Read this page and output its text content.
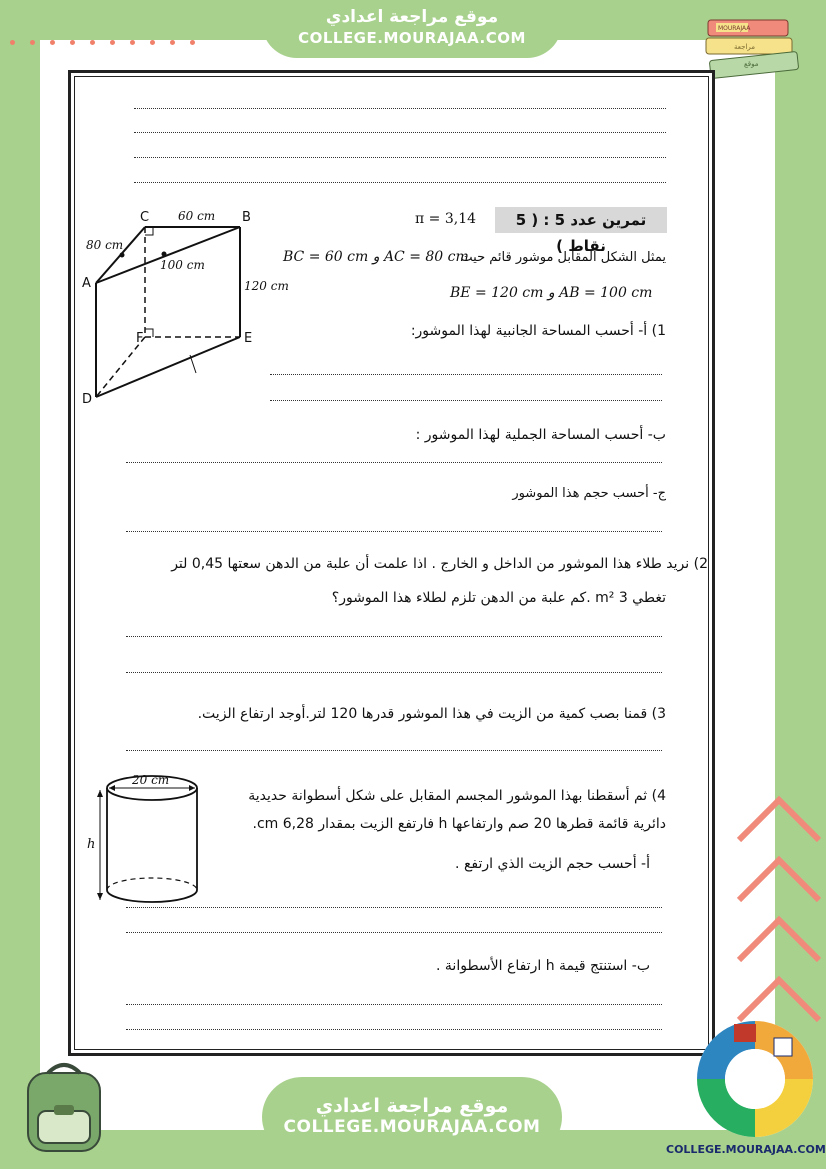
موقع مراجعة اعدادي
COLLEGE.MOURAJAA.COM
MOURAJAA
مراجعة
موقع
تمرين عدد 5 : ( 5 نقاط )
π = 3,14
C	B
A
D
E
F
60 cm
80 cm
100 cm
120 cm
يمثل الشكل المقابل موشور قائم حيث
BC = 60 cm و AC = 80 cm
BE = 120 cm و AB = 100 cm
1) أ- أحسب المساحة الجانبية لهذا الموشور:
ب- أحسب المساحة الجملية لهذا الموشور :
ج- أحسب حجم هذا الموشور
2) نريد طلاء هذا الموشور من الداخل و الخارج . اذا علمت أن علبة من الدهن سعتها 0,45 لتر
تغطي 3 m² .كم علبة من الدهن تلزم لطلاء هذا الموشور؟
3) قمنا بصب كمية من الزيت في هذا الموشور قدرها 120 لتر.أوجد ارتفاع الزيت.
20 cm
h
4) ثم أسقطنا بهذا الموشور المجسم المقابل على شكل أسطوانة حديدية
دائرية قائمة قطرها 20 صم وارتفاعها h فارتفع الزيت بمقدار 6,28 cm.
أ- أحسب حجم الزيت الذي ارتفع .
ب- استنتج قيمة h ارتفاع الأسطوانة .
موقع مراجعة اعدادي
COLLEGE.MOURAJAA.COM
COLLEGE.MOURAJAA.COM
